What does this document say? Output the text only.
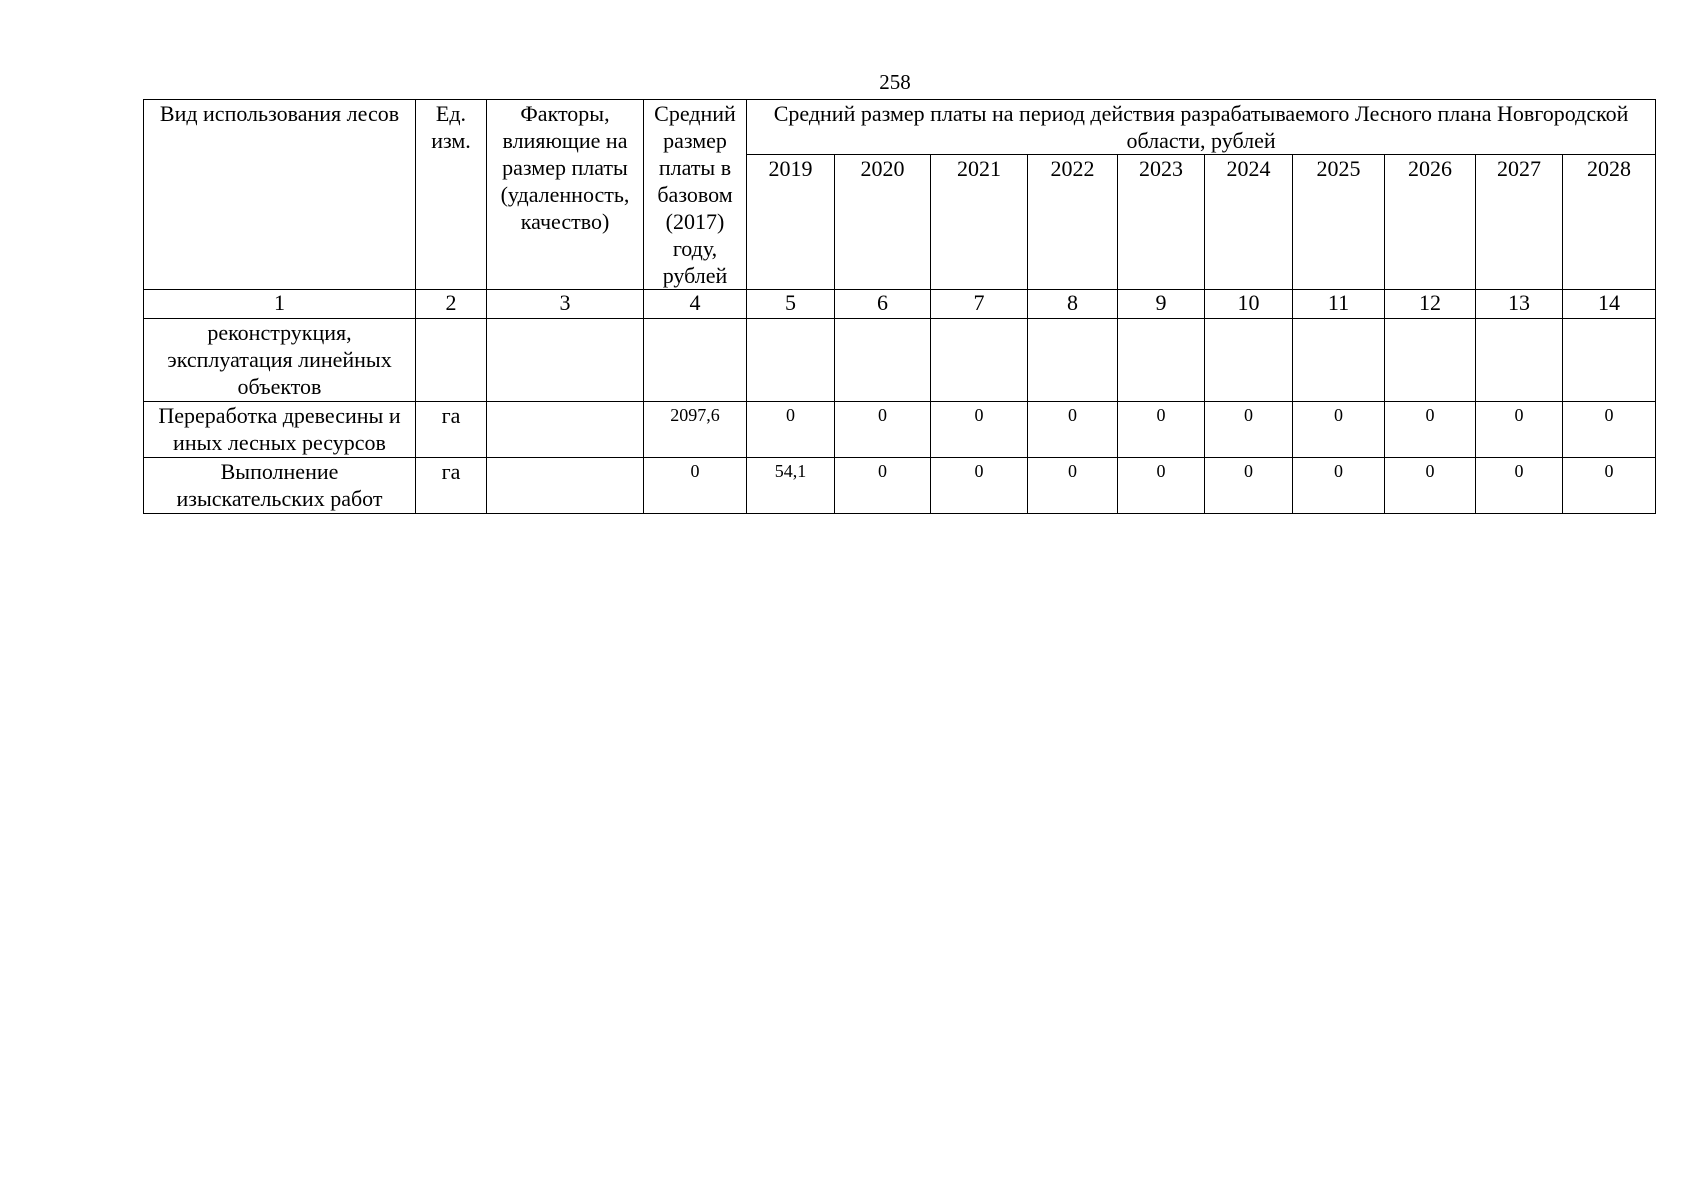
258
Вид использования лесов	Ед. изм.	Факторы, влияющие на размер платы (удаленность, качество)	Средний размер платы в базовом (2017) году, рублей	Средний размер платы на период действия разрабатываемого Лесного плана Новгородской области, рублей									
				2019	2020	2021	2022	2023	2024	2025	2026	2027	2028
1	2	3	4	5	6	7	8	9	10	11	12	13	14
реконструкция, эксплуатация линейных объектов													
Переработка древесины и иных лесных ресурсов	га		2097,6	0	0	0	0	0	0	0	0	0	0
Выполнение изыскательских работ	га		0	54,1	0	0	0	0	0	0	0	0	0
